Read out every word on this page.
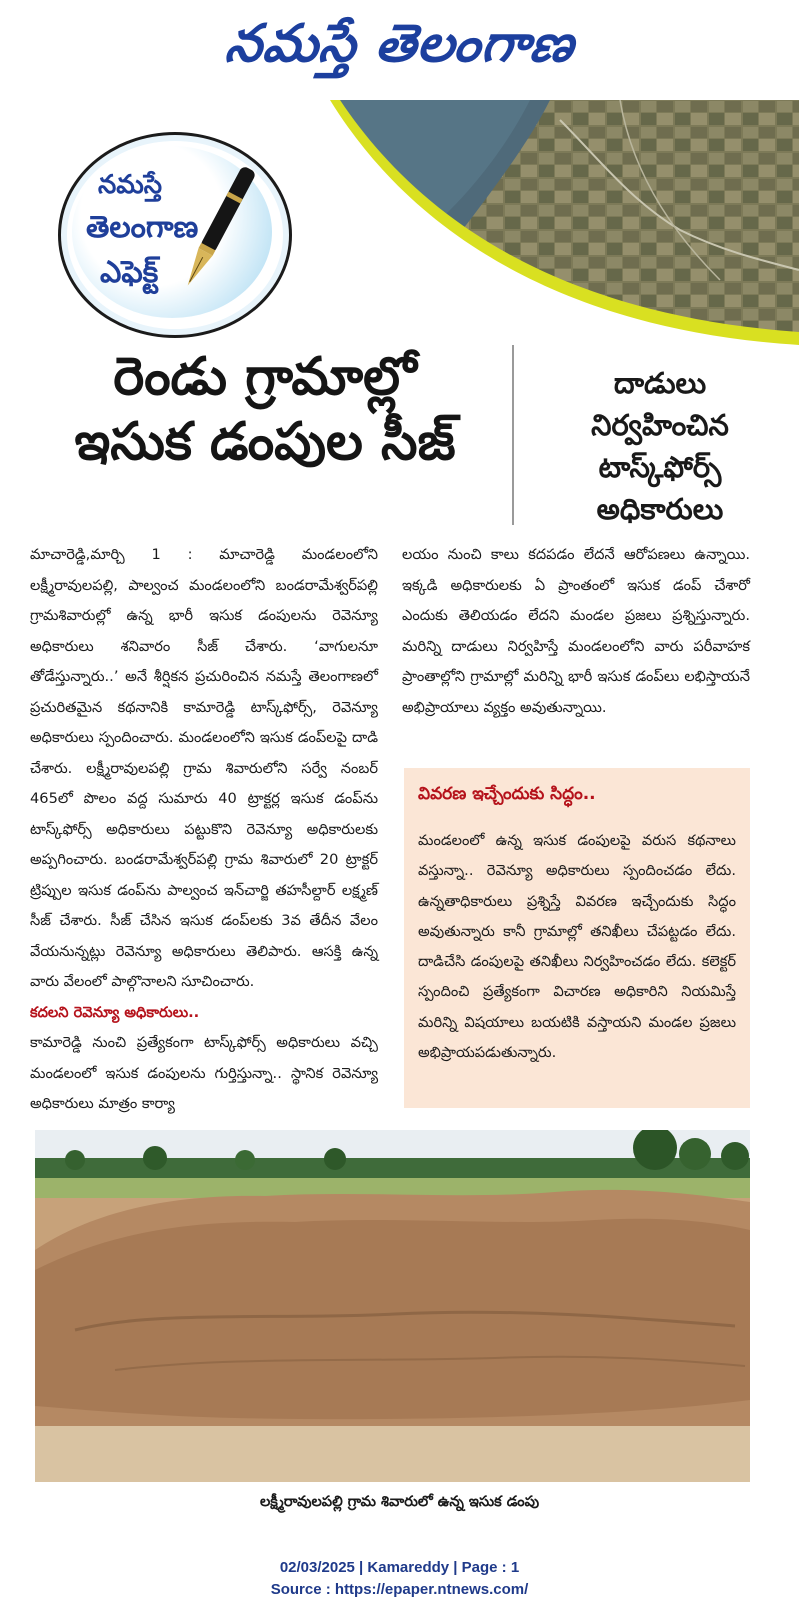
నమస్తే తెలంగాణ
నమస్తే
తెలంగాణ
ఎఫెక్ట్
రెండు గ్రామాల్లో
ఇసుక డంపుల సీజ్
దాడులు
నిర్వహించిన
టాస్క్‌ఫోర్స్
అధికారులు
మాచారెడ్డి,మార్చి 1 : మాచారెడ్డి మండలంలోని లక్ష్మీరావులపల్లి, పాల్వంచ మండలంలోని బండరామేశ్వర్‌పల్లి గ్రామశివారుల్లో ఉన్న భారీ ఇసుక డంపులను రెవెన్యూ అధికారులు శనివారం సీజ్ చేశారు. ‘వాగులనూ తోడేస్తున్నారు..’ అనే శీర్షికన ప్రచురించిన నమస్తే తెలంగాణలో ప్రచురితమైన కథనానికి కామారెడ్డి టాస్క్‌ఫోర్స్, రెవెన్యూ అధికారులు స్పందించారు. మండలంలోని ఇసుక డంప్‌లపై దాడి చేశారు. లక్ష్మీరావులపల్లి గ్రామ శివారులోని సర్వే నంబర్ 465లో పొలం వద్ద సుమారు 40 ట్రాక్టర్ల ఇసుక డంప్‌ను టాస్క్‌ఫోర్స్ అధికారులు పట్టుకొని రెవెన్యూ అధికారులకు అప్పగించారు. బండరామేశ్వర్‌పల్లి గ్రామ శివారులో 20 ట్రాక్టర్ ట్రిప్పుల ఇసుక డంప్‌ను పాల్వంచ ఇన్‌చార్జి తహసీల్దార్ లక్ష్మణ్ సీజ్ చేశారు. సీజ్ చేసిన ఇసుక డంప్‌లకు 3వ తేదీన వేలం వేయనున్నట్లు రెవెన్యూ అధికారులు తెలిపారు. ఆసక్తి ఉన్న వారు వేలంలో పాల్గొనాలని సూచించారు.
కదలని రెవెన్యూ అధికారులు..
కామారెడ్డి నుంచి ప్రత్యేకంగా టాస్క్‌ఫోర్స్ అధికారులు వచ్చి మండలంలో ఇసుక డంపులను గుర్తిస్తున్నా.. స్థానిక రెవెన్యూ అధికారులు మాత్రం కార్యా
లయం నుంచి కాలు కదపడం లేదనే ఆరోపణలు ఉన్నాయి. ఇక్కడి అధికారులకు ఏ ప్రాంతంలో ఇసుక డంప్ చేశారో ఎందుకు తెలియడం లేదని మండల ప్రజలు ప్రశ్నిస్తున్నారు. మరిన్ని దాడులు నిర్వహిస్తే మండలంలోని వారు పరీవాహక ప్రాంతాల్లోని గ్రామాల్లో మరిన్ని భారీ ఇసుక డంప్‌లు లభిస్తాయనే అభిప్రాయాలు వ్యక్తం అవుతున్నాయి.
వివరణ ఇచ్చేందుకు సిద్ధం..
మండలంలో ఉన్న ఇసుక డంపులపై వరుస కథనాలు వస్తున్నా.. రెవెన్యూ అధికారులు స్పందించడం లేదు. ఉన్నతాధికారులు ప్రశ్నిస్తే వివరణ ఇచ్చేందుకు సిద్ధం అవుతున్నారు కానీ గ్రామాల్లో తనిఖీలు చేపట్టడం లేదు. దాడిచేసి డంపులపై తనిఖీలు నిర్వహించడం లేదు. కలెక్టర్ స్పందించి ప్రత్యేకంగా విచారణ అధికారిని నియమిస్తే మరిన్ని విషయాలు బయటికి వస్తాయని మండల ప్రజలు అభిప్రాయపడుతున్నారు.
లక్ష్మీరావులపల్లి గ్రామ శివారులో ఉన్న ఇసుక డంపు
02/03/2025 | Kamareddy | Page : 1
Source : https://epaper.ntnews.com/
